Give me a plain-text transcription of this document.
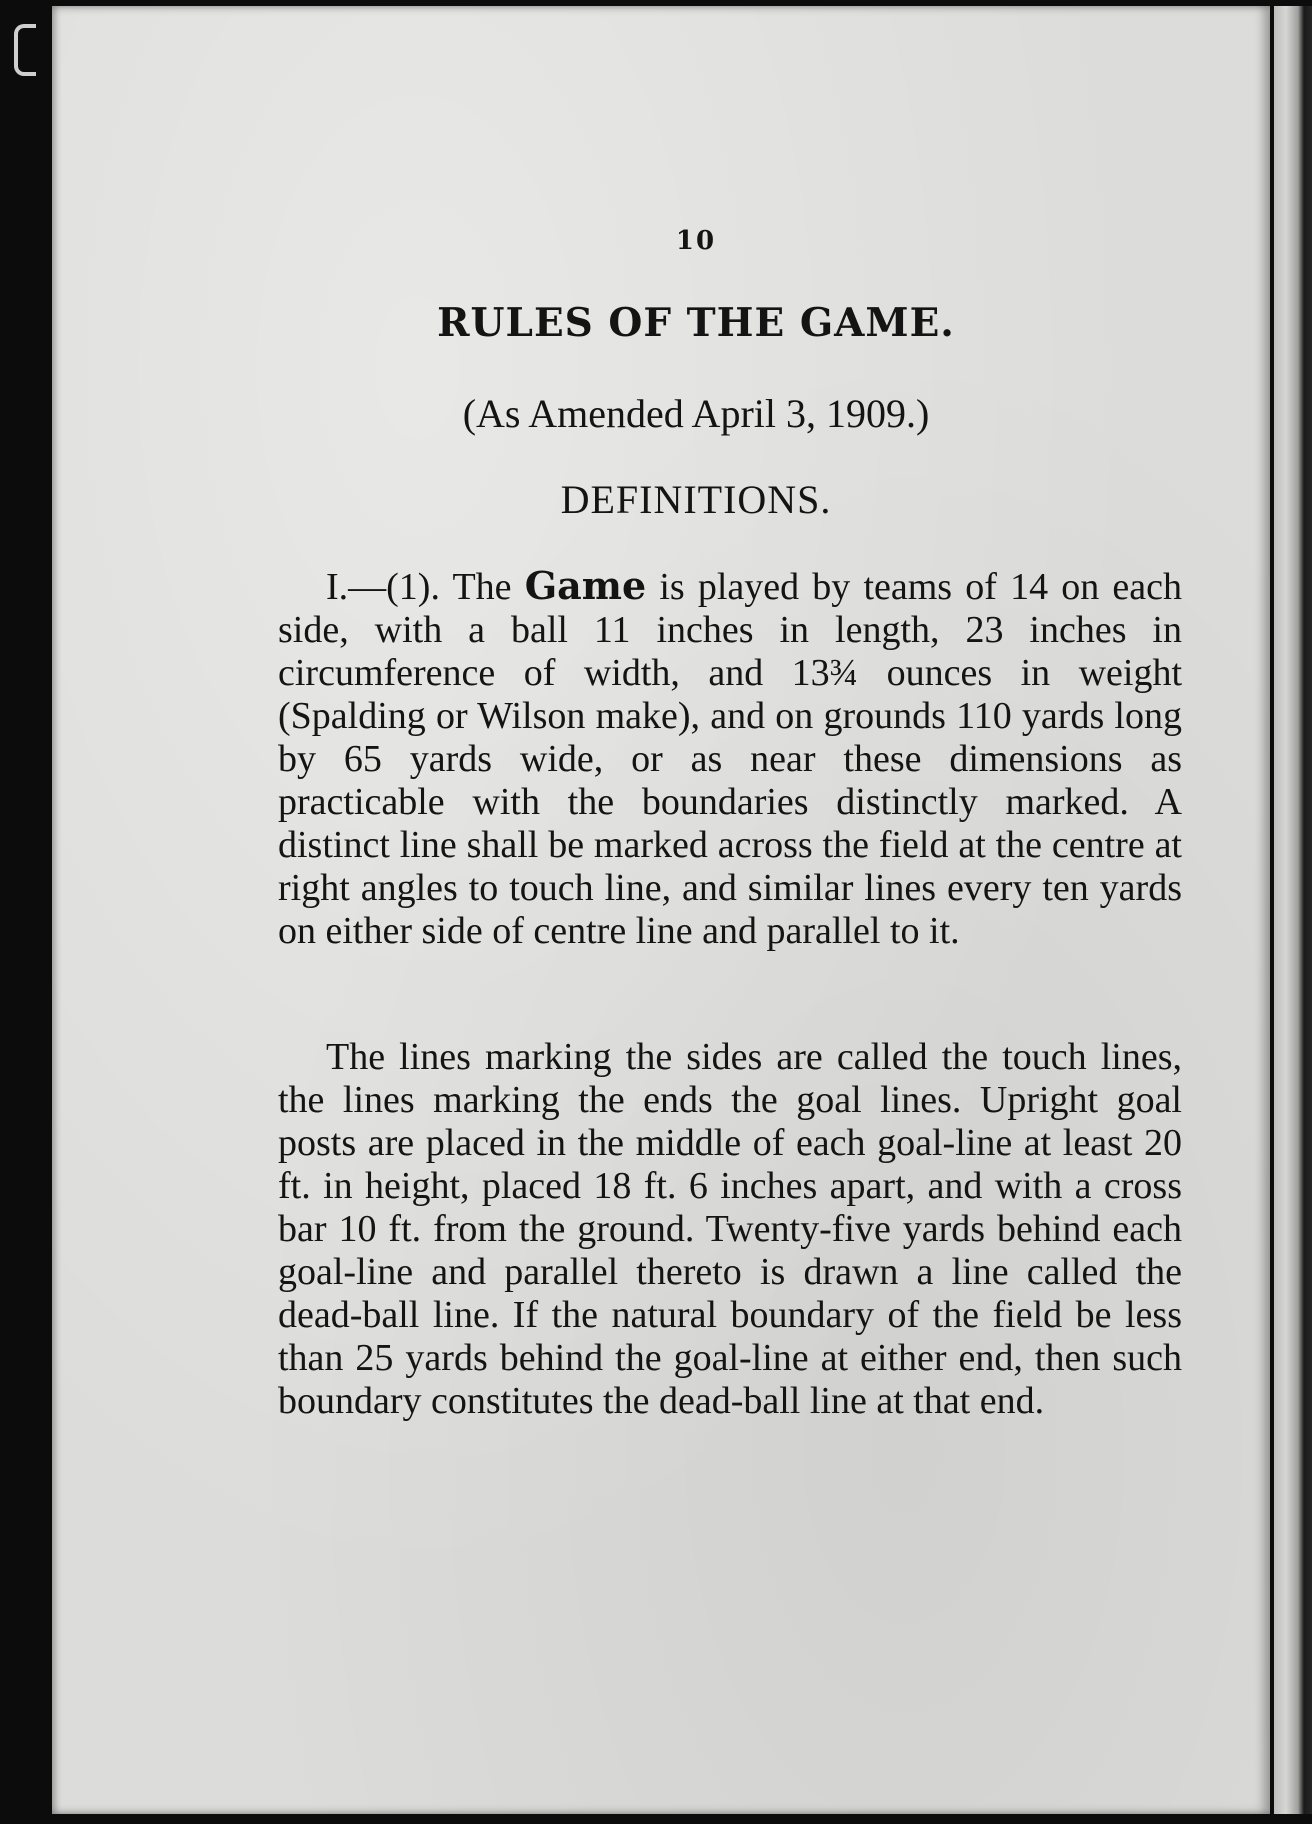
10
RULES OF THE GAME.
(As Amended April 3, 1909.)
DEFINITIONS.

I.—(1). The Game is played by teams of 14 on each side, with a ball 11 inches in length, 23 inches in circumference of width, and 13¾ ounces in weight (Spalding or Wilson make), and on grounds 110 yards long by 65 yards wide, or as near these dimensions as practicable with the boundaries distinctly marked. A distinct line shall be marked across the field at the centre at right angles to touch line, and similar lines every ten yards on either side of centre line and parallel to it.

The lines marking the sides are called the touch lines, the lines marking the ends the goal lines. Upright goal posts are placed in the middle of each goal-line at least 20 ft. in height, placed 18 ft. 6 inches apart, and with a cross bar 10 ft. from the ground. Twenty-five yards behind each goal-line and parallel thereto is drawn a line called the dead-ball line. If the natural boundary of the field be less than 25 yards behind the goal-line at either end, then such boundary constitutes the dead-ball line at that end.
